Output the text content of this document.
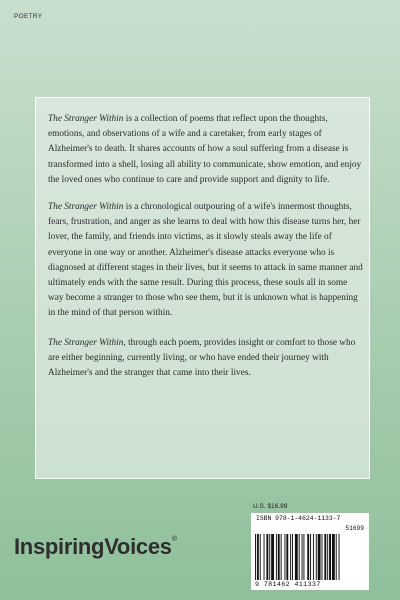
POETRY

The Stranger Within is a collection of poems that reflect upon the thoughts, emotions, and observations of a wife and a caretaker, from early stages of Alzheimer's to death. It shares accounts of how a soul suffering from a disease is transformed into a shell, losing all ability to communicate, show emotion, and enjoy the loved ones who continue to care and provide support and dignity to life.

The Stranger Within is a chronological outpouring of a wife's innermost thoughts, fears, frustration, and anger as she learns to deal with how this disease turns her, her lover, the family, and friends into victims, as it slowly steals away the life of everyone in one way or another. Alzheimer's disease attacks everyone who is diagnosed at different stages in their lives, but it seems to attack in same manner and ultimately ends with the same result. During this process, these souls all in some way become a stranger to those who see them, but it is unknown what is happening in the mind of that person within.

The Stranger Within, through each poem, provides insight or comfort to those who are either beginning, currently living, or who have ended their journey with Alzheimer's and the stranger that came into their lives.

U.S. $16.99
ISBN 978-1-4624-1133-7
51699
9 781462 411337
InspiringVoices®
